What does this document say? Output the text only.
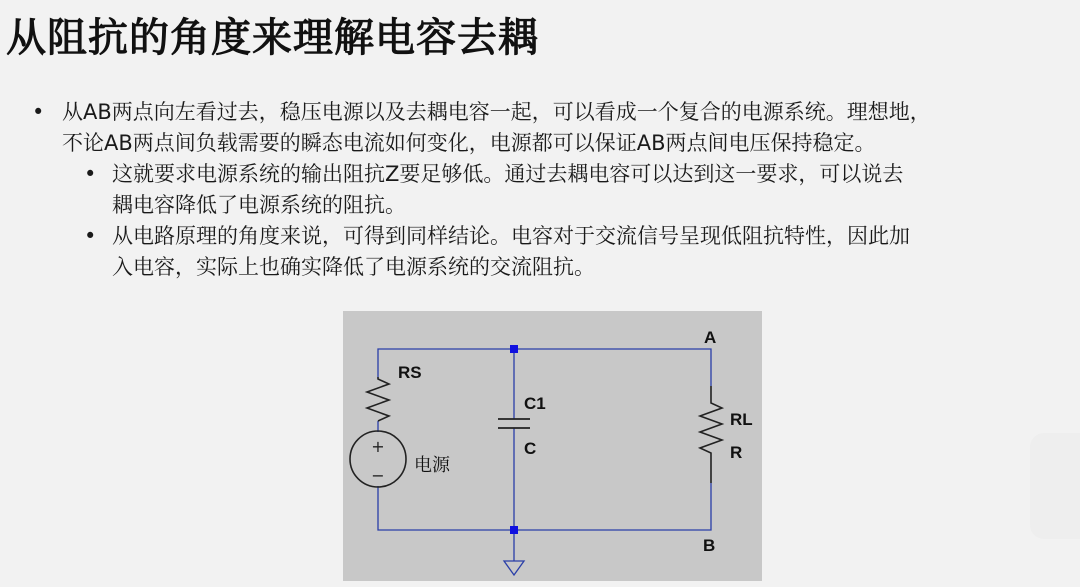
从阻抗的角度来理解电容去耦
• 从AB两点向左看过去，稳压电源以及去耦电容一起，可以看成一个复合的电源系统。理想地，
不论AB两点间负载需要的瞬态电流如何变化，电源都可以保证AB两点间电压保持稳定。
• 这就要求电源系统的输出阻抗Z要足够低。通过去耦电容可以达到这一要求，可以说去
耦电容降低了电源系统的阻抗。
• 从电路原理的角度来说，可得到同样结论。电容对于交流信号呈现低阻抗特性，因此加
入电容，实际上也确实降低了电源系统的交流阻抗。
+
−
A
B
RS
C1
C
RL
R
电源
